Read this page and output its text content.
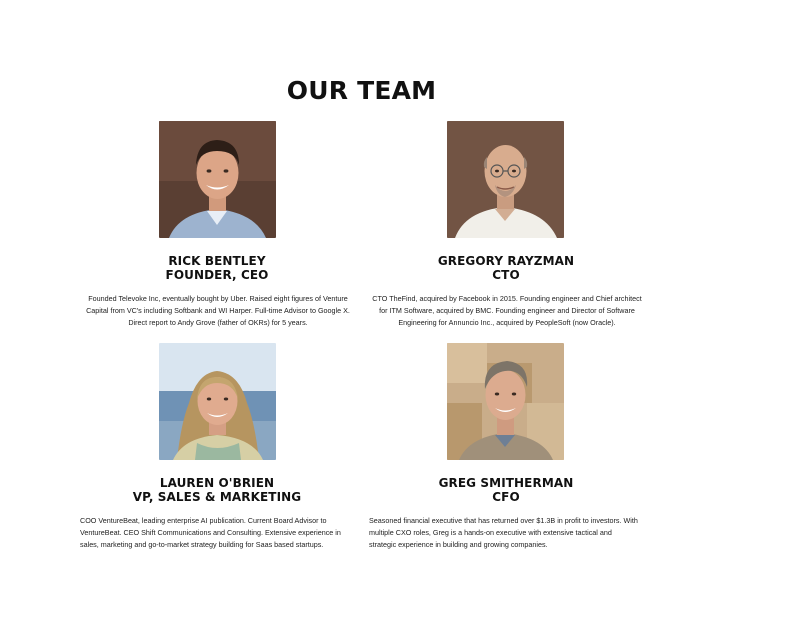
OUR TEAM
RICK BENTLEY
FOUNDER, CEO
Founded Televoke Inc, eventually bought by Uber. Raised eight figures of Venture
Capital from VC's including Softbank and WI Harper. Full-time Advisor to Google X.
Direct report to Andy Grove (father of OKRs) for 5 years.
GREGORY RAYZMAN
CTO
CTO TheFind, acquired by Facebook in 2015. Founding engineer and Chief architect
for ITM Software, acquired by BMC. Founding engineer and Director of Software
Engineering for Annuncio Inc., acquired by PeopleSoft (now Oracle).
LAUREN O'BRIEN
VP, SALES & MARKETING
COO VentureBeat, leading enterprise AI publication. Current Board Advisor to
VentureBeat. CEO Shift Communications and Consulting. Extensive experience in
sales, marketing and go-to-market strategy building for Saas based startups.
GREG SMITHERMAN
CFO
Seasoned financial executive that has returned over $1.3B in profit to investors. With
multiple CXO roles, Greg is a hands-on executive with extensive tactical and
strategic experience in building and growing companies.
